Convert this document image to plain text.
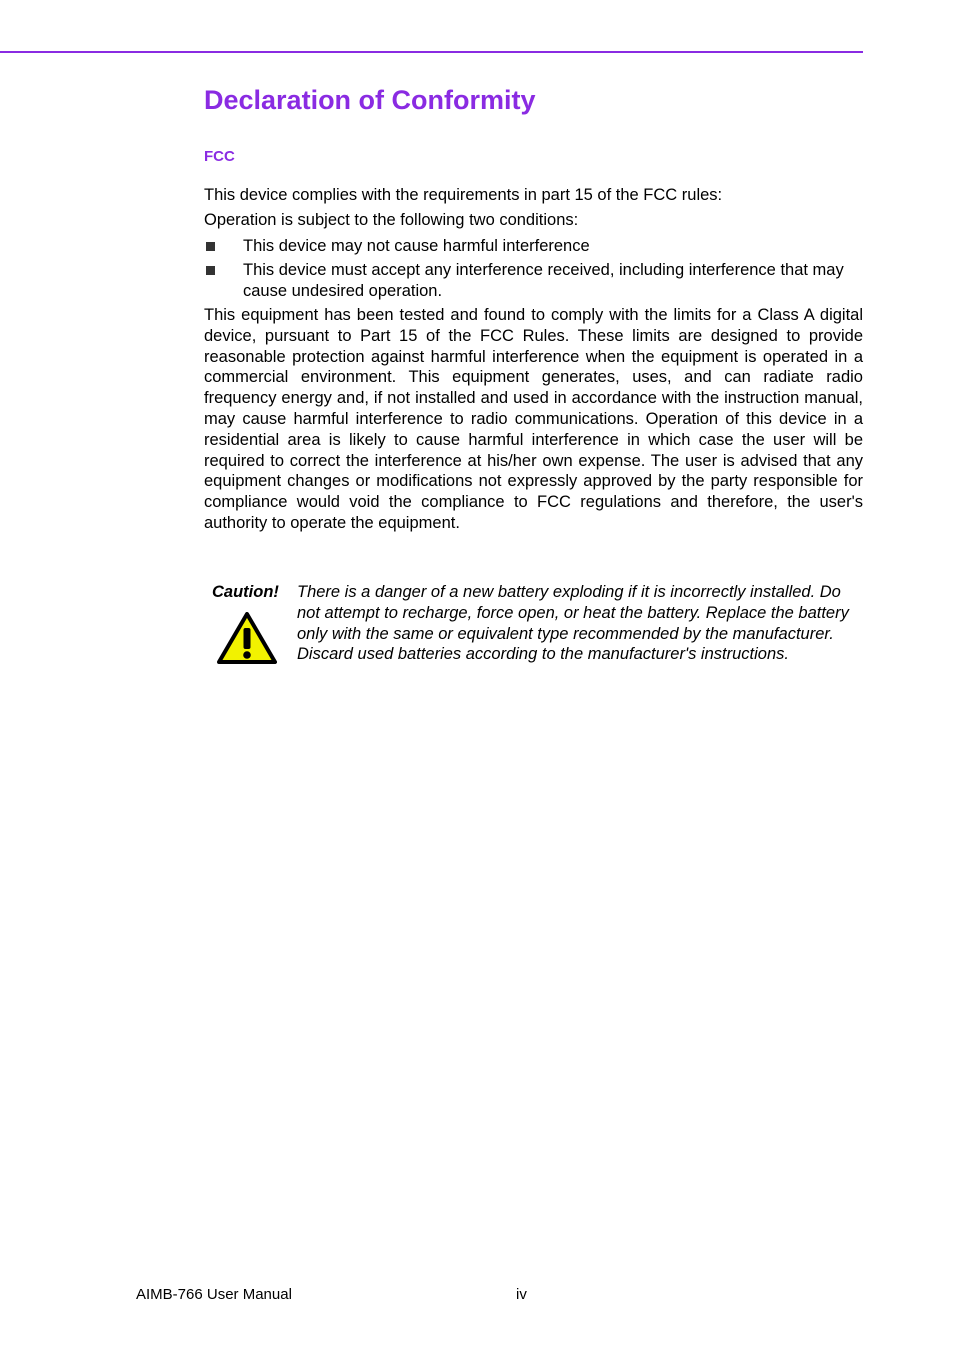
Declaration of Conformity
FCC

This device complies with the requirements in part 15 of the FCC rules:

Operation is subject to the following two conditions:

This device may not cause harmful interference
This device must accept any interference received, including interference that may cause undesired operation.

This equipment has been tested and found to comply with the limits for a Class A digital device, pursuant to Part 15 of the FCC Rules. These limits are designed to provide reasonable protection against harmful interference when the equipment is operated in a commercial environment. This equipment generates, uses, and can radiate radio frequency energy and, if not installed and used in accordance with the instruction manual, may cause harmful interference to radio communications. Operation of this device in a residential area is likely to cause harmful interference in which case the user will be required to correct the interference at his/her own expense. The user is advised that any equipment changes or modifications not expressly approved by the party responsible for compliance would void the compliance to FCC regulations and therefore, the user's authority to operate the equipment.

Caution! There is a danger of a new battery exploding if it is incorrectly installed. Do not attempt to recharge, force open, or heat the battery. Replace the battery only with the same or equivalent type recommended by the manufacturer. Discard used batteries according to the manufacturer's instructions.

AIMB-766 User Manual	iv
